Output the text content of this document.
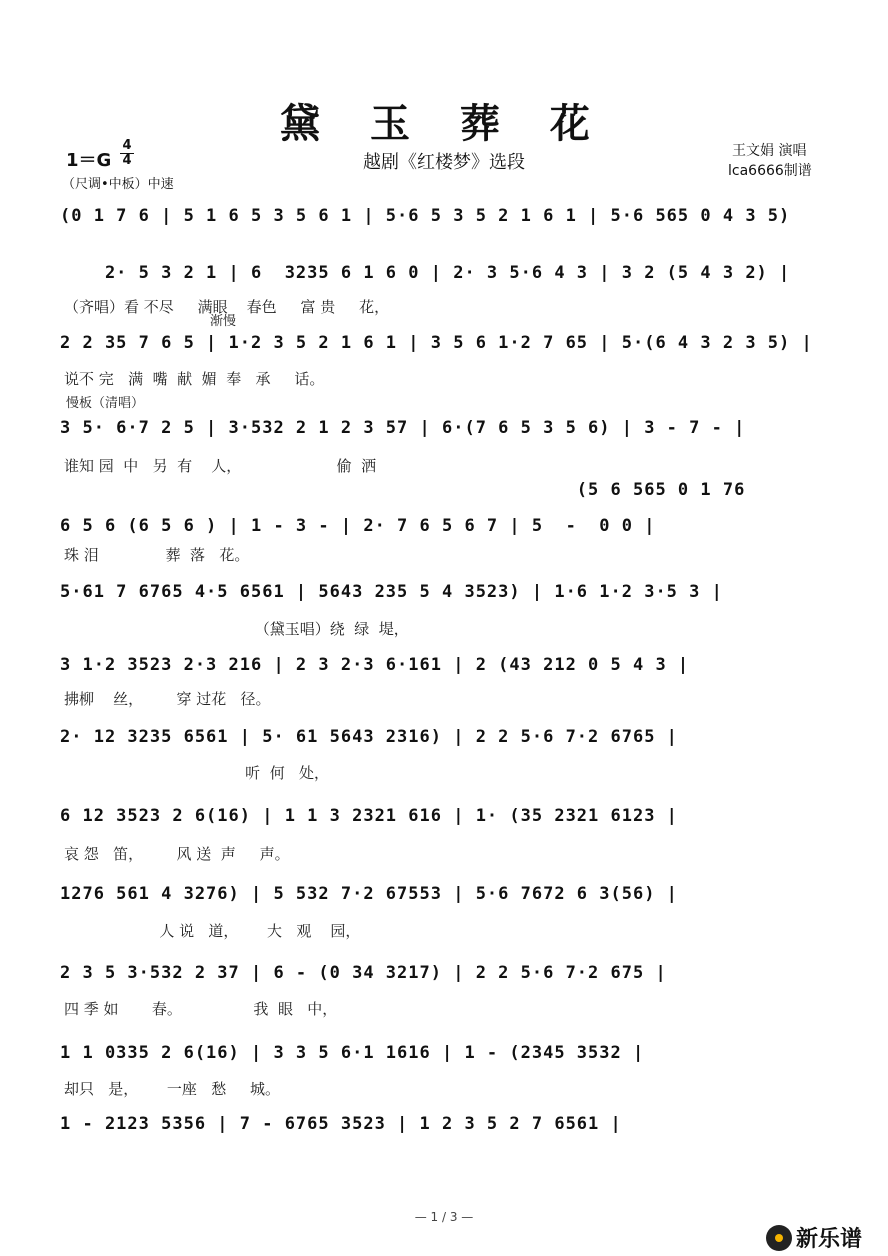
黛 玉 葬 花
越剧《红楼梦》选段
1＝G
4
4
（尺调•中板）中速
王文娟 演唱
lca6666制谱
渐慢
慢板（清唱）
(0 1 7 6 | 5 1 6 5 3 5 6 1 | 5·6 5 3 5 2 1 6 1 | 5·6 565 0 4 3 5)
2· 5 3 2 1 | 6  3235 6 1 6 0 | 2· 3 5·6 4 3 | 3 2 (5 4 3 2) |
（齐唱）看 不尽     满眼    春色     富 贵     花，
2 2 35 7 6 5 | 1·2 3 5 2 1 6 1 | 3 5 6 1·2 7 65 | 5·(6 4 3 2 3 5) |
说不 完   满  嘴  献  媚  奉   承     话。
3 5· 6·7 2 5 | 3·532 2 1 2 3 57 | 6·(7 6 5 3 5 6) | 3 - 7 - |
谁知 园  中   另  有    人，                    偷  洒
(5 6 565 0 1 76
6 5 6 (6 5 6 ) | 1 - 3 - | 2· 7 6 5 6 7 | 5  -  0 0 |
珠 泪              葬  落   花。
5·61 7 6765 4·5 6561 | 5643 235 5 4 3523) | 1·6 1·2 3·5 3 |
（黛玉唱）绕  绿  堤，
3 1·2 3523 2·3 216 | 2 3 2·3 6·161 | 2 (43 212 0 5 4 3 |
拂柳    丝，       穿 过花   径。
2· 12 3235 6561 | 5· 61 5643 2316) | 2 2 5·6 7·2 6765 |
听  何   处，
6 12 3523 2 6(16) | 1 1 3 2321 616 | 1· (35 2321 6123 |
哀 怨   笛，       风 送  声     声。
1276 561 4 3276) | 5 532 7·2 67553 | 5·6 7672 6 3(56) |
人 说   道，      大   观    园，
2 3 5 3·532 2 37 | 6 - (0 34 3217) | 2 2 5·6 7·2 675 |
四 季 如       春。               我  眼   中，
1 1 0335 2 6(16) | 3 3 5 6·1 1616 | 1 - (2345 3532 |
却只   是，      一座   愁     城。
1 - 2123 5356 | 7 - 6765 3523 | 1 2 3 5 2 7 6561 |
— 1 / 3 —
新乐谱
